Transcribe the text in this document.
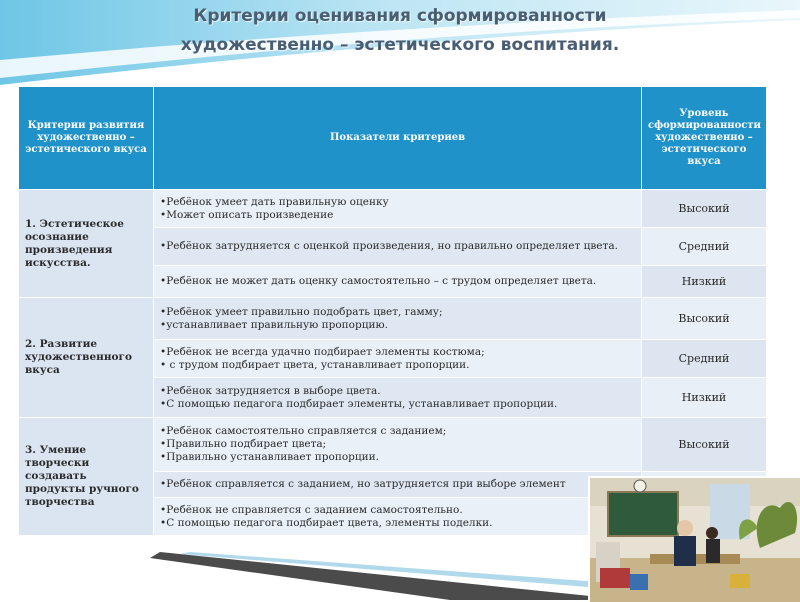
Критерии оценивания сформированности
художественно – эстетического воспитания.
Критерии развития художественно – эстетического вкуса	Показатели критериев	Уровень сформированности художественно – эстетического вкуса
1. Эстетическое осознание произведения искусства.	•Ребёнок умеет дать правильную оценку
•Может описать произведение	Высокий

	•Ребёнок затрудняется с оценкой произведения, но правильно определяет цвета.	Средний

	•Ребёнок не может дать оценку самостоятельно – с трудом определяет цвета.	Низкий
2. Развитие художественного вкуса	•Ребёнок умеет правильно подобрать цвет, гамму;
•устанавливает правильную пропорцию.	Высокий

	•Ребёнок не всегда удачно подбирает элементы костюма;
• с трудом подбирает цвета, устанавливает пропорции.	Средний

	•Ребёнок затрудняется в выборе цвета.
•С помощью педагога подбирает элементы, устанавливает пропорции.	Низкий
3. Умение творчески создавать продукты ручного творчества	•Ребёнок самостоятельно справляется с заданием;
•Правильно подбирает цвета;
•Правильно устанавливает пропорции.	Высокий

	•Ребёнок справляется с заданием, но затрудняется при выборе элемент	

	•Ребёнок не справляется с заданием самостоятельно.
•С помощью педагога подбирает цвета, элементы поделки.	
